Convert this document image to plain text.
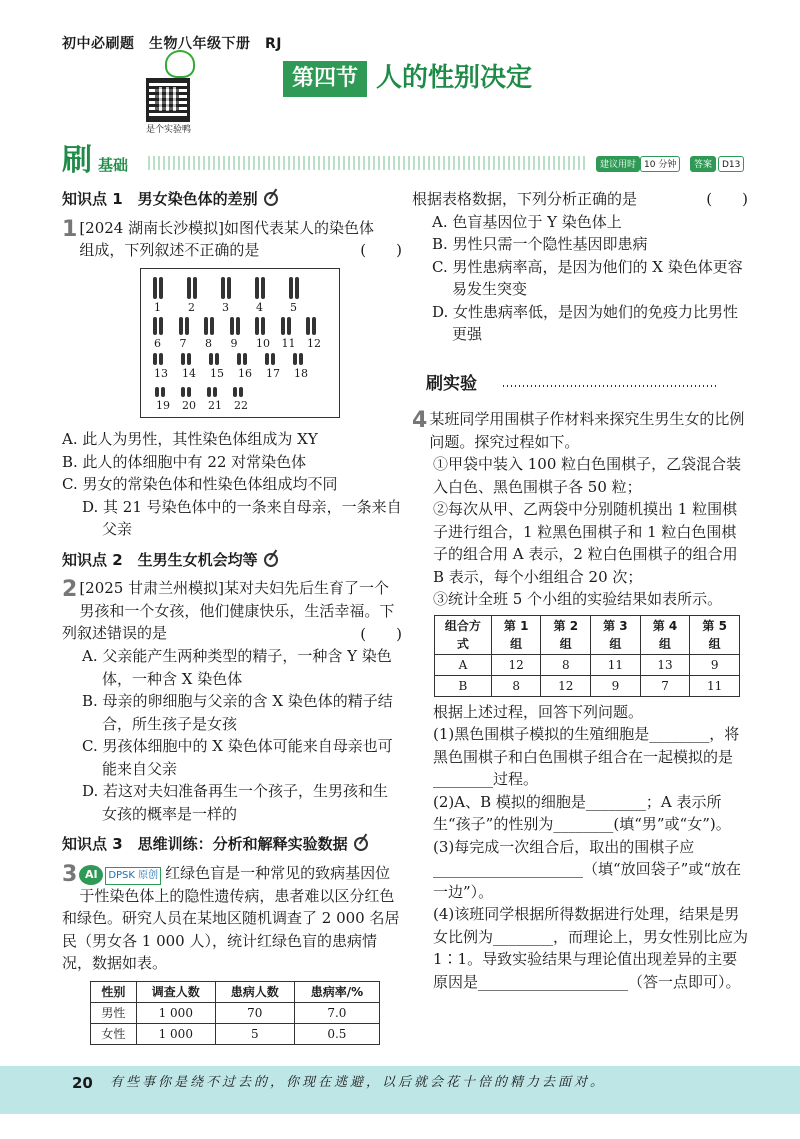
初中必刷题　生物八年级下册　RJ
是个实验鸭
第四节 人的性别决定
刷 基础	建议用时 10 分钟	答案	D13
知识点 1　男女染色体的差别
1 [2024 湖南长沙模拟]如图代表某人的染色体

组成，下列叙述不正确的是	(　　)

1 2 3 4 5
6 7 8 9 10 11 12
13 14 15 16 17 18
19 20 21 22

A. 此人为男性，其性染色体组成为 XY

B. 此人的体细胞中有 22 对常染色体

C. 男女的常染色体和性染色体组成均不同

D. 其 21 号染色体中的一条来自母亲，一条来自父亲

知识点 2　生男生女机会均等
2 [2025 甘肃兰州模拟]某对夫妇先后生育了一个男孩和一个女孩，他们健康快乐，生活幸福。下列叙述错误的是	(　　)

A. 父亲能产生两种类型的精子，一种含 Y 染色体，一种含 X 染色体

B. 母亲的卵细胞与父亲的含 X 染色体的精子结合，所生孩子是女孩

C. 男孩体细胞中的 X 染色体可能来自母亲也可能来自父亲

D. 若这对夫妇准备再生一个孩子，生男孩和生女孩的概率是一样的

知识点 3　思维训练：分析和解释实验数据
3 AI DPSK 原创 红绿色盲是一种常见的致病基因位于性染色体上的隐性遗传病，患者难以区分红色和绿色。研究人员在某地区随机调查了 2 000 名居民（男女各 1 000 人），统计红绿色盲的患病情况，数据如表。
性别	调查人数	患病人数	患病率/%
男性	1 000	70	7.0
女性	1 000	5	0.5

根据表格数据，下列分析正确的是	(　　)

A. 色盲基因位于 Y 染色体上

B. 男性只需一个隐性基因即患病

C. 男性患病率高，是因为他们的 X 染色体更容易发生突变

D. 女性患病率低，是因为她们的免疫力比男性更强

刷实验
4 某班同学用围棋子作材料来探究生男生女的比例问题。探究过程如下。

①甲袋中装入 100 粒白色围棋子，乙袋混合装入白色、黑色围棋子各 50 粒；

②每次从甲、乙两袋中分别随机摸出 1 粒围棋子进行组合，1 粒黑色围棋子和 1 粒白色围棋子的组合用 A 表示，2 粒白色围棋子的组合用 B 表示，每个小组组合 20 次；

③统计全班 5 个小组的实验结果如表所示。

组合方式	第 1 组	第 2 组	第 3 组	第 4 组	第 5 组
A	12	8	11	13	9
B	8	12	9	7	11

根据上述过程，回答下列问题。

(1)黑色围棋子模拟的生殖细胞是________，将黑色围棋子和白色围棋子组合在一起模拟的是________过程。

(2)A、B 模拟的细胞是________；A 表示所生“孩子”的性别为________(填“男”或“女”)。

(3)每完成一次组合后，取出的围棋子应____________________（填“放回袋子”或“放在一边”）。

(4)该班同学根据所得数据进行处理，结果是男女比例为________，而理论上，男女性别比应为 1∶1。导致实验结果与理论值出现差异的主要原因是____________________（答一点即可）。

20 有些事你是绕不过去的，你现在逃避，以后就会花十倍的精力去面对。
